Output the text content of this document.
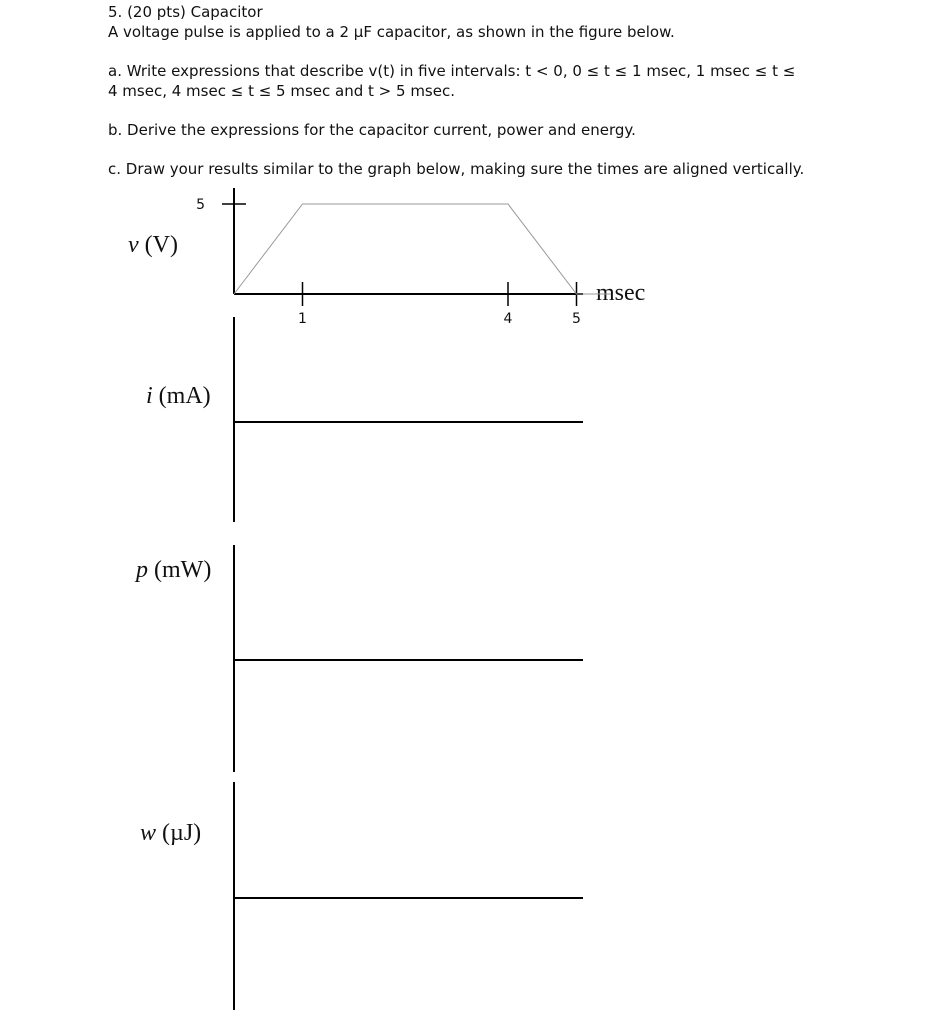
5. (20 pts) Capacitor
A voltage pulse is applied to a 2 µF capacitor, as shown in the figure below.
a. Write expressions that describe v(t) in five intervals: t < 0, 0 ≤ t ≤ 1 msec, 1 msec ≤ t ≤
4 msec, 4 msec ≤ t ≤ 5 msec and t > 5 msec.
b. Derive the expressions for the capacitor current, power and energy.
c. Draw your results similar to the graph below, making sure the times are aligned vertically.
v (V)
i (mA)
p (mW)
w (µJ)
msec
5
1	4	5
